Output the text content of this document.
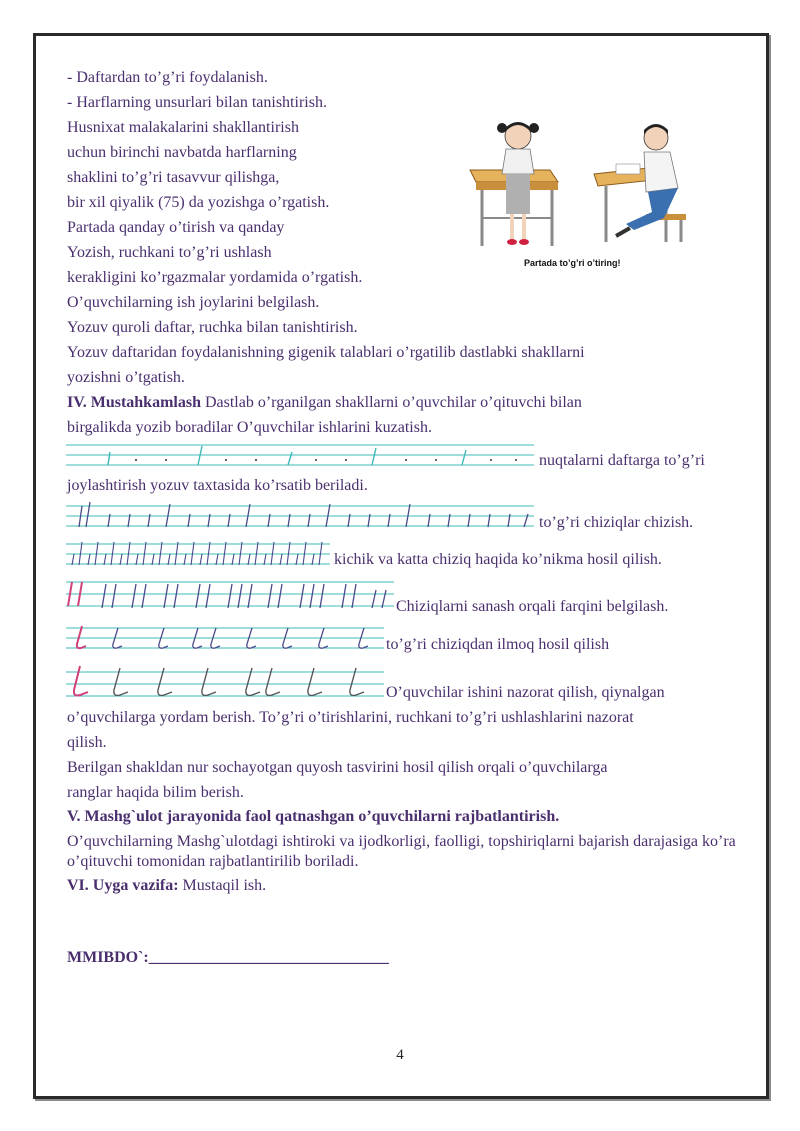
- Daftardan to’g’ri foydalanish.
- Harflarning unsurlari bilan tanishtirish.
Husnixat malakalarini shakllantirish
uchun birinchi navbatda harflarning
shaklini to’g’ri tasavvur qilishga,
bir xil qiyalik (75) da yozishga o’rgatish.
Partada qanday o’tirish va qanday
Yozish, ruchkani to’g’ri ushlash
kerakligini ko’rgazmalar yordamida o’rgatish.
O’quvchilarning ish joylarini belgilash.
Yozuv quroli daftar, ruchka bilan tanishtirish.
Yozuv daftaridan foydalanishning gigenik talablari o’rgatilib dastlabki shakllarni
yozishni o’tgatish.
Partada to’g’ri o’tiring!
IV. Mustahkamlash Dastlab o’rganilgan shakllarni o’quvchilar o’qituvchi bilan
birgalikda yozib boradilar O’quvchilar ishlarini kuzatish.
nuqtalarni daftarga to’g’ri
joylashtirish yozuv taxtasida ko’rsatib beriladi.
to’g’ri chiziqlar chizish.
kichik va katta chiziq haqida ko’nikma hosil qilish.
Chiziqlarni sanash orqali farqini belgilash.
to’g’ri chiziqdan ilmoq hosil qilish
O’quvchilar ishini nazorat qilish, qiynalgan
o’quvchilarga yordam berish. To’g’ri o’tirishlarini, ruchkani to’g’ri ushlashlarini nazorat
qilish.
Berilgan shakldan nur sochayotgan quyosh tasvirini hosil qilish orqali o’quvchilarga
ranglar haqida bilim berish.
V. Mashg`ulot jarayonida faol qatnashgan o’quvchilarni rajbatlantirish.
O’quvchilarning Mashg`ulotdagi ishtiroki va ijodkorligi, faolligi, topshiriqlarni bajarish darajasiga ko’ra o’qituvchi tomonidan rajbatlantirilib boriladi.
VI. Uyga vazifa: Mustaqil ish.
MMIBDO`:______________________________
4
